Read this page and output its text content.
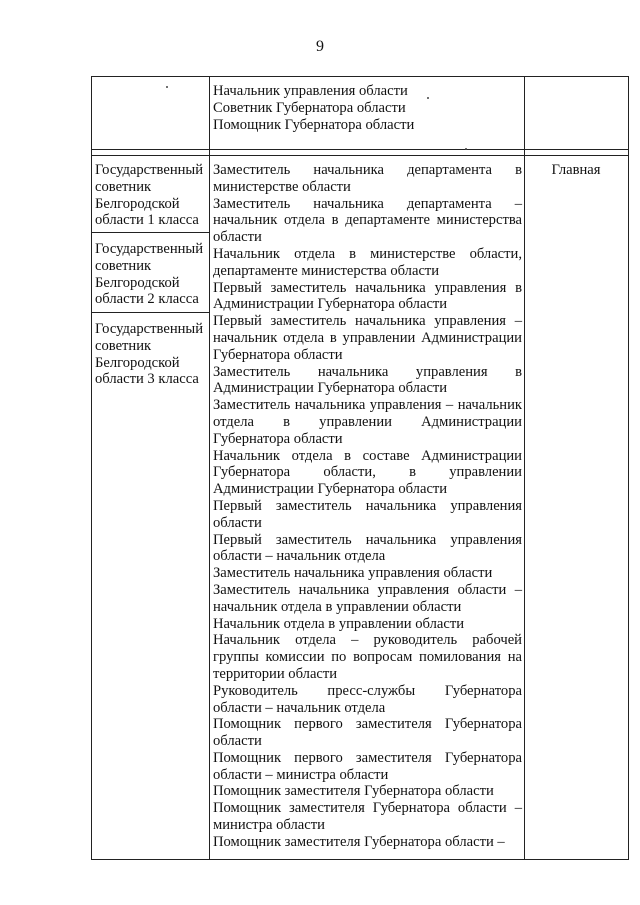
9
Начальник управления области
Советник Губернатора области
Помощник Губернатора области
Государственный советник Белгородской области 1 класса
Государственный советник Белгородской области 2 класса
Государственный советник Белгородской области 3 класса
Главная

Заместитель начальника департамента в министерстве области

Заместитель начальника департамента – начальник отдела в департаменте министерства области

Начальник отдела в министерстве области, департаменте министерства области

Первый заместитель начальника управления в Администрации Губернатора области

Первый заместитель начальника управления – начальник отдела в управлении Администрации Губернатора области

Заместитель начальника управления в Администрации Губернатора области

Заместитель начальника управления – начальник отдела в управлении Администрации Губернатора области

Начальник отдела в составе Администрации Губернатора области, в управлении Администрации Губернатора области

Первый заместитель начальника управления области

Первый заместитель начальника управления области – начальник отдела

Заместитель начальника управления области

Заместитель начальника управления области – начальник отдела в управлении области

Начальник отдела в управлении области

Начальник отдела – руководитель рабочей группы комиссии по вопросам помилования на территории области

Руководитель пресс-службы Губернатора области – начальник отдела

Помощник первого заместителя Губернатора области

Помощник первого заместителя Губернатора области – министра области

Помощник заместителя Губернатора области

Помощник заместителя Губернатора области – министра области

Помощник заместителя Губернатора области –
